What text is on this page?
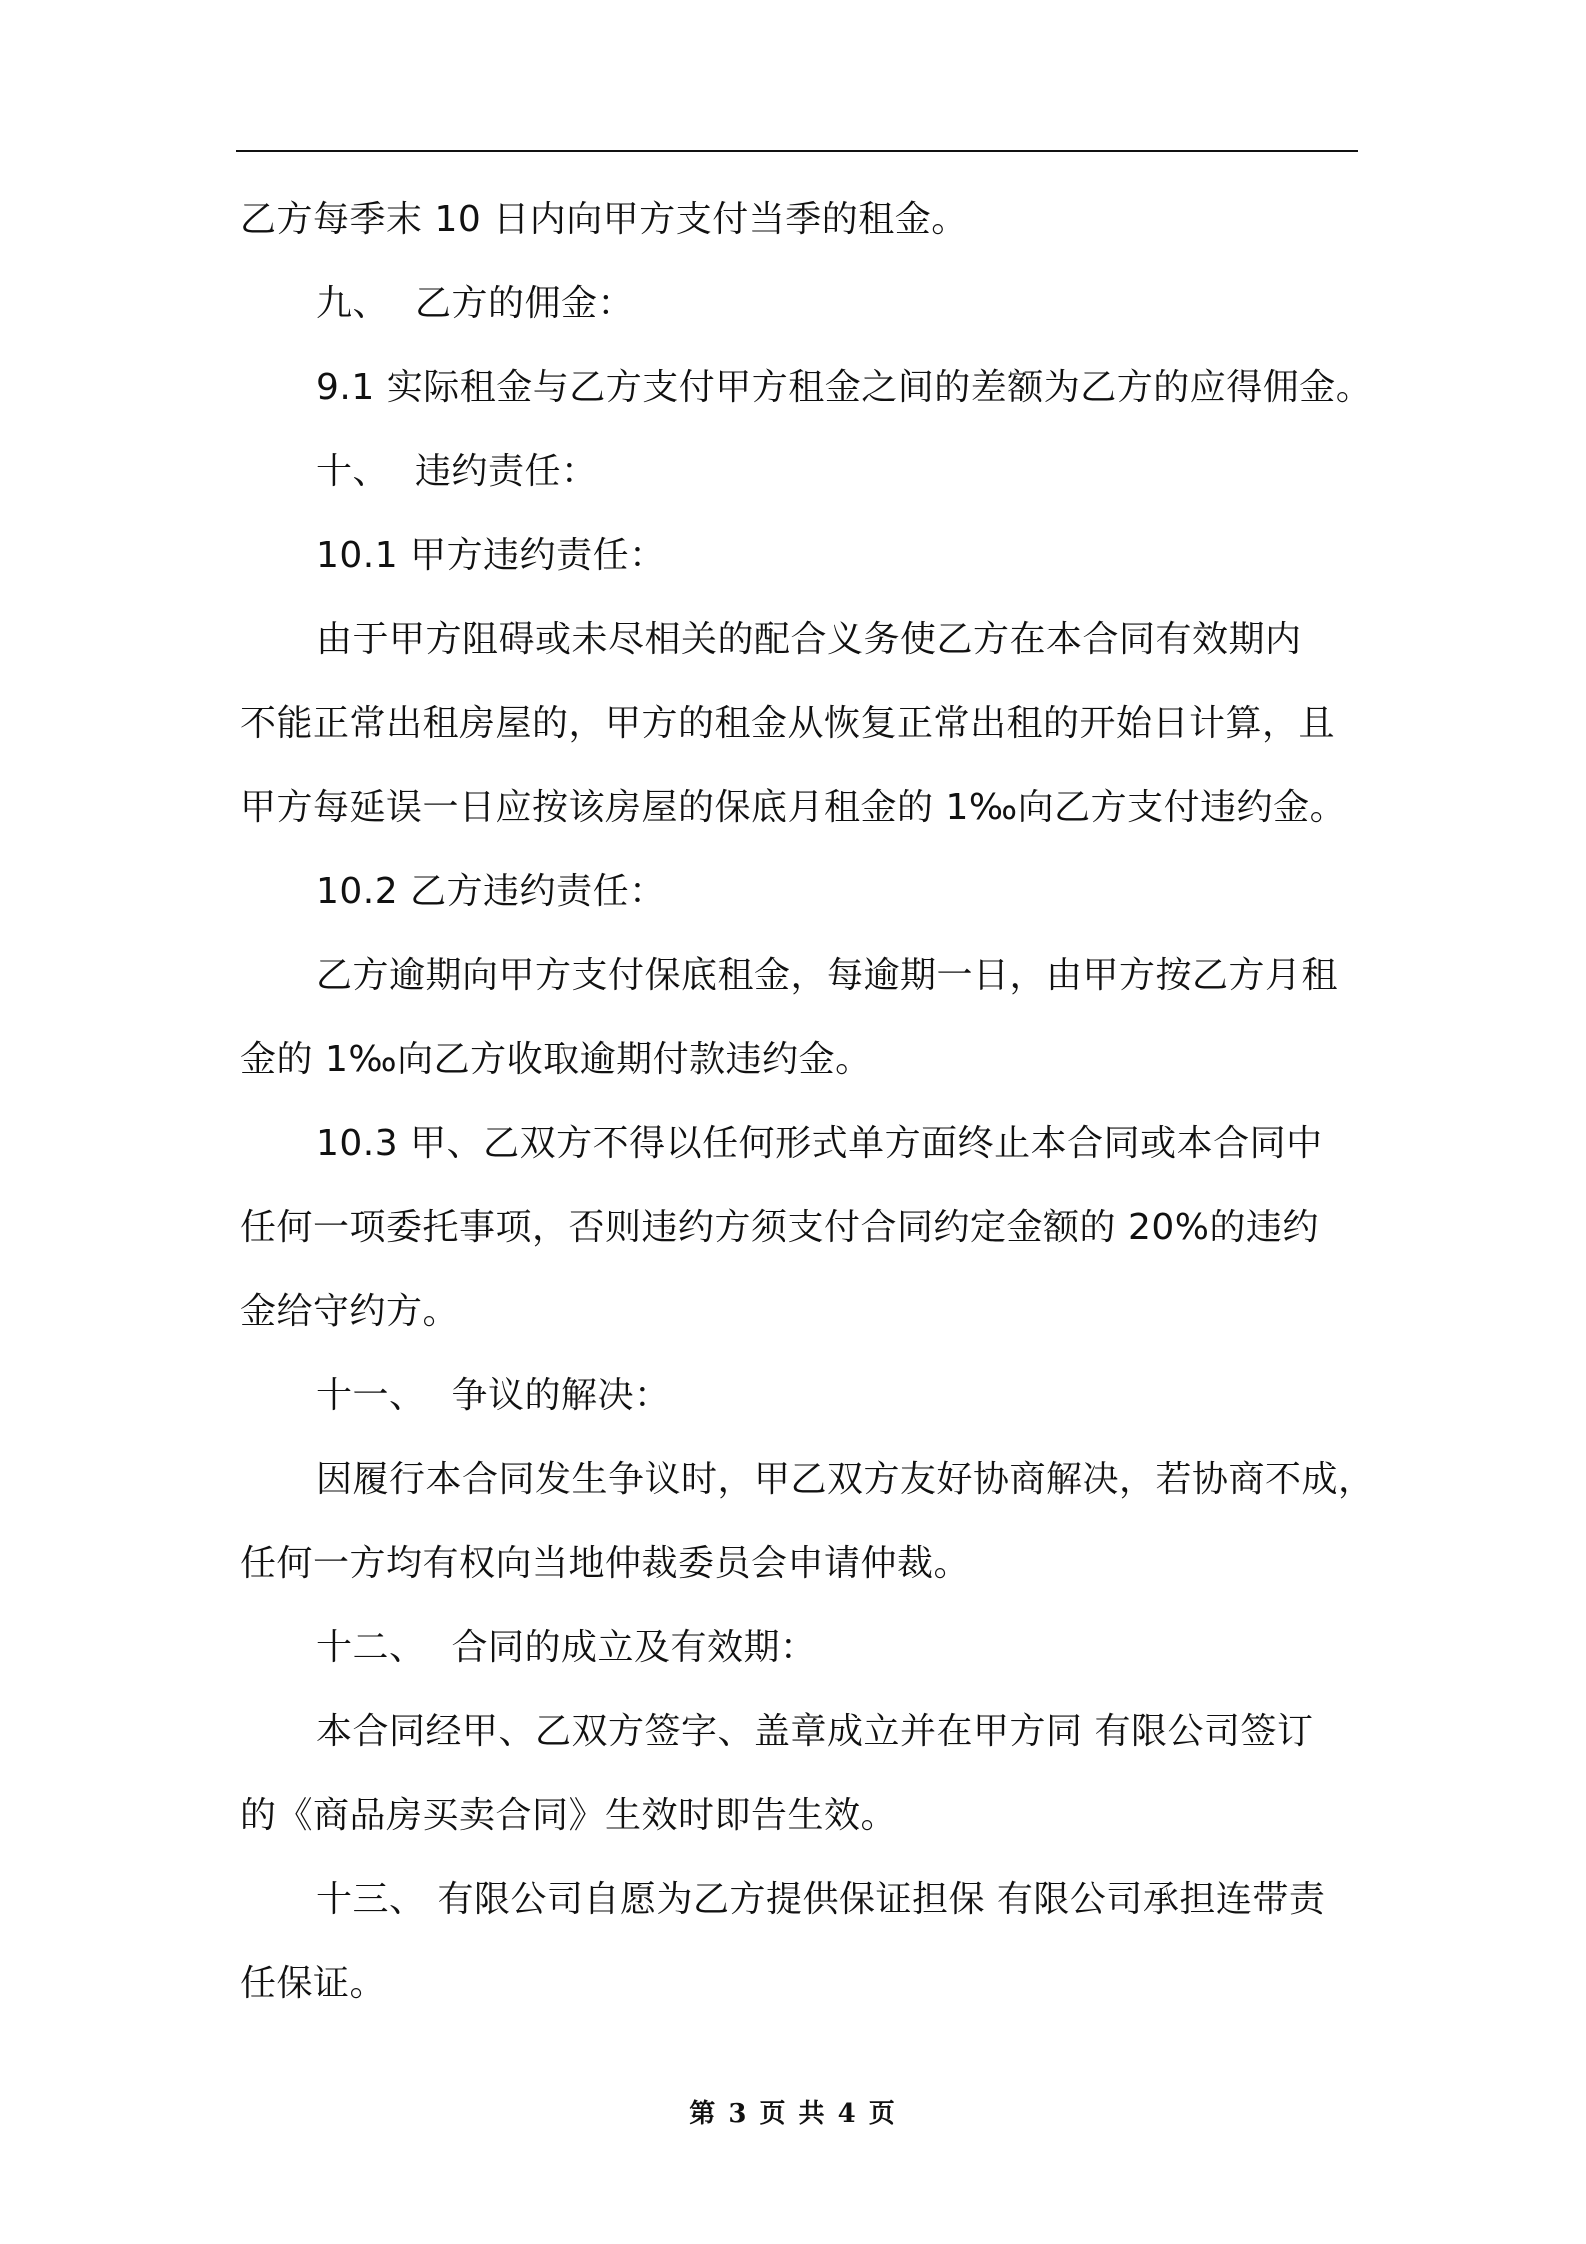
乙方每季末 10 日内向甲方支付当季的租金。
九、 乙方的佣金：
9.1 实际租金与乙方支付甲方租金之间的差额为乙方的应得佣金。
十、 违约责任：
10.1 甲方违约责任：
由于甲方阻碍或未尽相关的配合义务使乙方在本合同有效期内
不能正常出租房屋的，甲方的租金从恢复正常出租的开始日计算，且
甲方每延误一日应按该房屋的保底月租金的 1‰向乙方支付违约金。
10.2 乙方违约责任：
乙方逾期向甲方支付保底租金，每逾期一日，由甲方按乙方月租
金的 1‰向乙方收取逾期付款违约金。
10.3 甲、乙双方不得以任何形式单方面终止本合同或本合同中
任何一项委托事项，否则违约方须支付合同约定金额的 20%的违约
金给守约方。
十一、 争议的解决：
因履行本合同发生争议时，甲乙双方友好协商解决，若协商不成，
任何一方均有权向当地仲裁委员会申请仲裁。
十二、 合同的成立及有效期：
本合同经甲、乙双方签字、盖章成立并在甲方同 有限公司签订
的《商品房买卖合同》生效时即告生效。
十三、 有限公司自愿为乙方提供保证担保 有限公司承担连带责
任保证。
第 3 页 共 4 页
